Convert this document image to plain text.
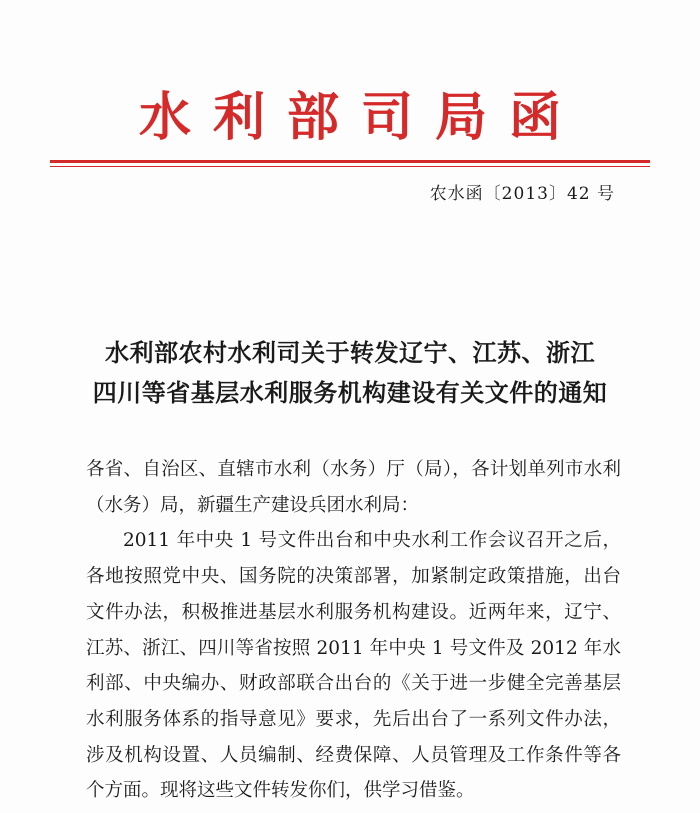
水利部司局函
农水函〔2013〕42 号
水利部农村水利司关于转发辽宁、江苏、浙江
四川等省基层水利服务机构建设有关文件的通知

各省、自治区、直辖市水利（水务）厅（局），各计划单列市水利（水务）局，新疆生产建设兵团水利局：

2011 年中央 1 号文件出台和中央水利工作会议召开之后，各地按照党中央、国务院的决策部署，加紧制定政策措施，出台文件办法，积极推进基层水利服务机构建设。近两年来，辽宁、江苏、浙江、四川等省按照 2011 年中央 1 号文件及 2012 年水利部、中央编办、财政部联合出台的《关于进一步健全完善基层水利服务体系的指导意见》要求，先后出台了一系列文件办法，涉及机构设置、人员编制、经费保障、人员管理及工作条件等各个方面。现将这些文件转发你们，供学习借鉴。
